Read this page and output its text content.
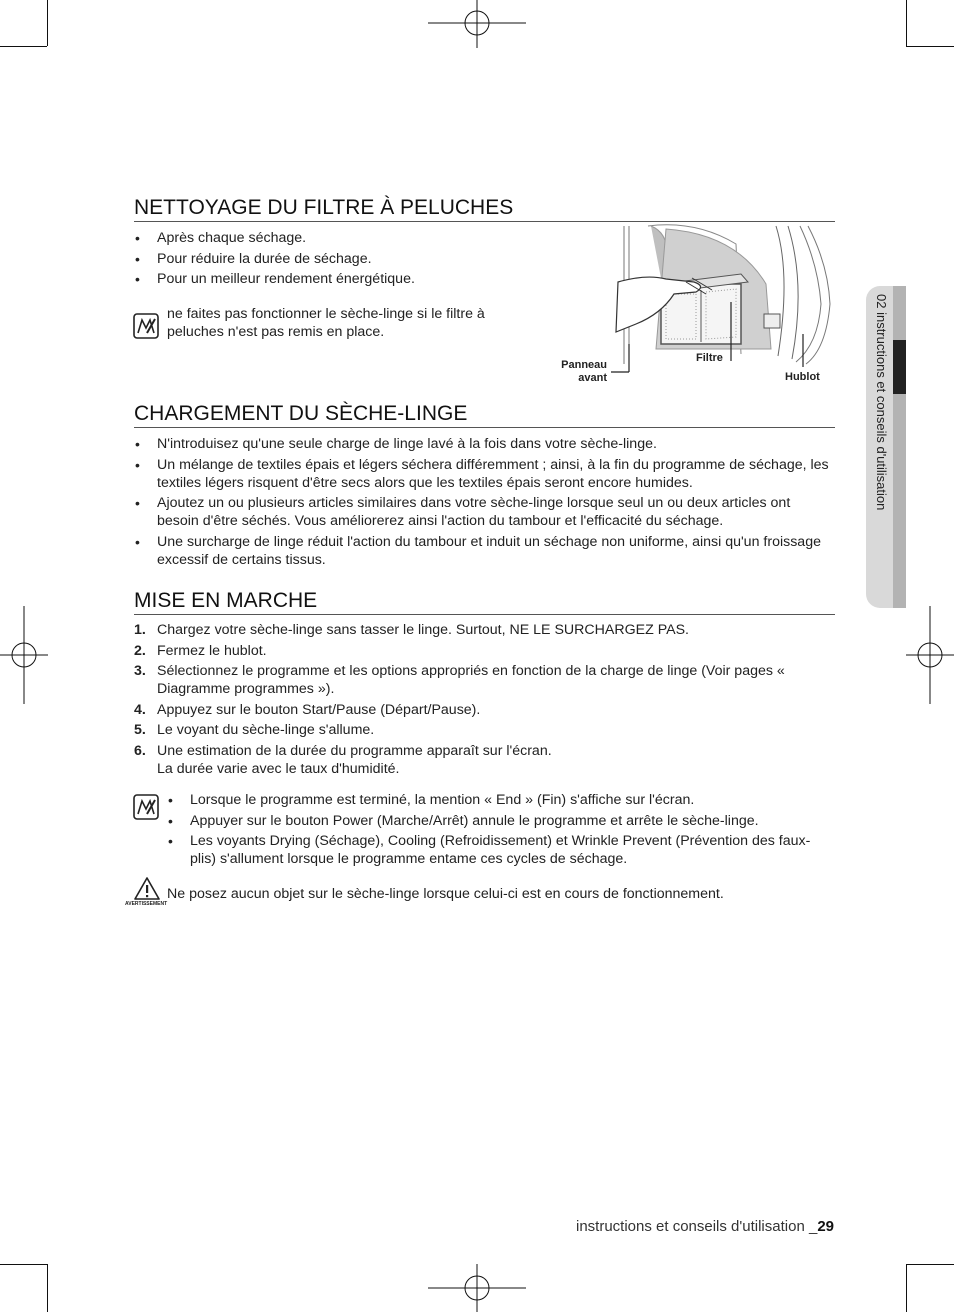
02 instructions et conseils d'utilisation
NETTOYAGE DU FILTRE À PELUCHES
• Après chaque séchage.
• Pour réduire la durée de séchage.
• Pour un meilleur rendement énergétique.
ne faites pas fonctionner le sèche-linge si le filtre à peluches n'est pas remis en place.
Panneau avant
Filtre
Hublot
CHARGEMENT DU SÈCHE-LINGE
• N'introduisez qu'une seule charge de linge lavé à la fois dans votre sèche-linge.
• Un mélange de textiles épais et légers séchera différemment ; ainsi, à la fin du programme de séchage, les textiles légers risquent d'être secs alors que les textiles épais seront encore humides.
• Ajoutez un ou plusieurs articles similaires dans votre sèche-linge lorsque seul un ou deux articles ont besoin d'être séchés. Vous améliorerez ainsi l'action du tambour et l'efficacité du séchage.
• Une surcharge de linge réduit l'action du tambour et induit un séchage non uniforme, ainsi qu'un froissage excessif de certains tissus.
MISE EN MARCHE
1. Chargez votre sèche-linge sans tasser le linge. Surtout, NE LE SURCHARGEZ PAS.
2. Fermez le hublot.
3. Sélectionnez le programme et les options appropriés en fonction de la charge de linge (Voir pages « Diagramme programmes »).
4. Appuyez sur le bouton Start/Pause (Départ/Pause).
5. Le voyant du sèche-linge s'allume.
6. Une estimation de la durée du programme apparaît sur l'écran.
La durée varie avec le taux d'humidité.
• Lorsque le programme est terminé, la mention « End » (Fin) s'affiche sur l'écran.
• Appuyer sur le bouton Power (Marche/Arrêt) annule le programme et arrête le sèche-linge.
• Les voyants Drying (Séchage), Cooling (Refroidissement) et Wrinkle Prevent (Prévention des faux-plis) s'allument lorsque le programme entame ces cycles de séchage.
AVERTISSEMENT
Ne posez aucun objet sur le sèche-linge lorsque celui-ci est en cours de fonctionnement.
instructions et conseils d'utilisation _29
